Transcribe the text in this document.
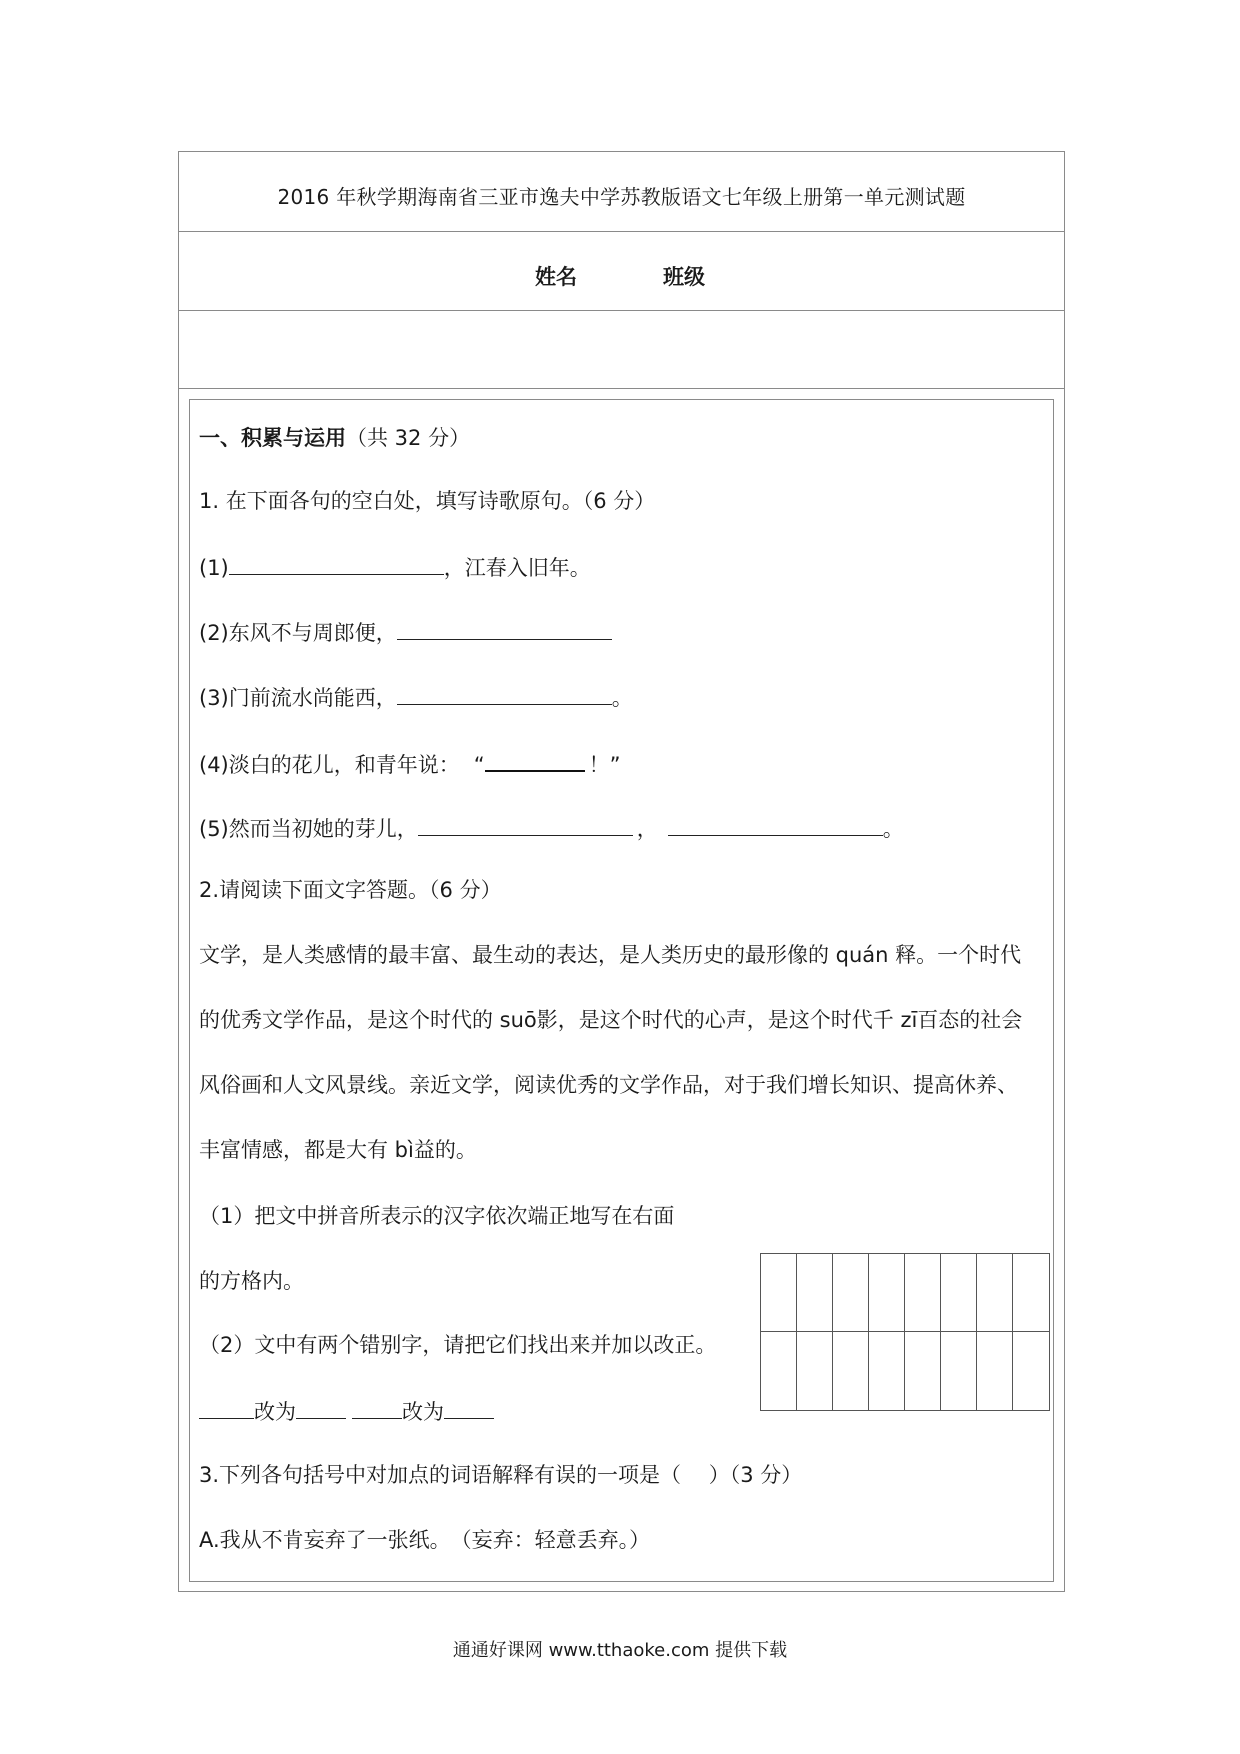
2016 年秋学期海南省三亚市逸夫中学苏教版语文七年级上册第一单元测试题
姓名	班级
一、积累与运用（共 32 分）
1. 在下面各句的空白处，填写诗歌原句。（6 分）
(1)	，江春入旧年。
(2)东风不与周郎便，
(3)门前流水尚能西，	。
(4)淡白的花儿，和青年说： “	！”
(5)然而当初她的芽儿，	，	。
2.请阅读下面文字答题。（6 分）
文学，是人类感情的最丰富、最生动的表达，是人类历史的最形像的 quán 释。一个时代
的优秀文学作品，是这个时代的 suō影，是这个时代的心声，是这个时代千 zī百态的社会
风俗画和人文风景线。亲近文学，阅读优秀的文学作品，对于我们增长知识、提高休养、
丰富情感，都是大有 bì益的。
（1）把文中拼音所表示的汉字依次端正地写在右面
的方格内。
（2）文中有两个错别字，请把它们找出来并加以改正。
改为	改为
3.下列各句括号中对加点的词语解释有误的一项是（　 ）（3 分）
A.我从不肯妄弃了一张纸。　（妄弃：轻意丢弃。）
通通好课网 www.tthaoke.com 提供下载
